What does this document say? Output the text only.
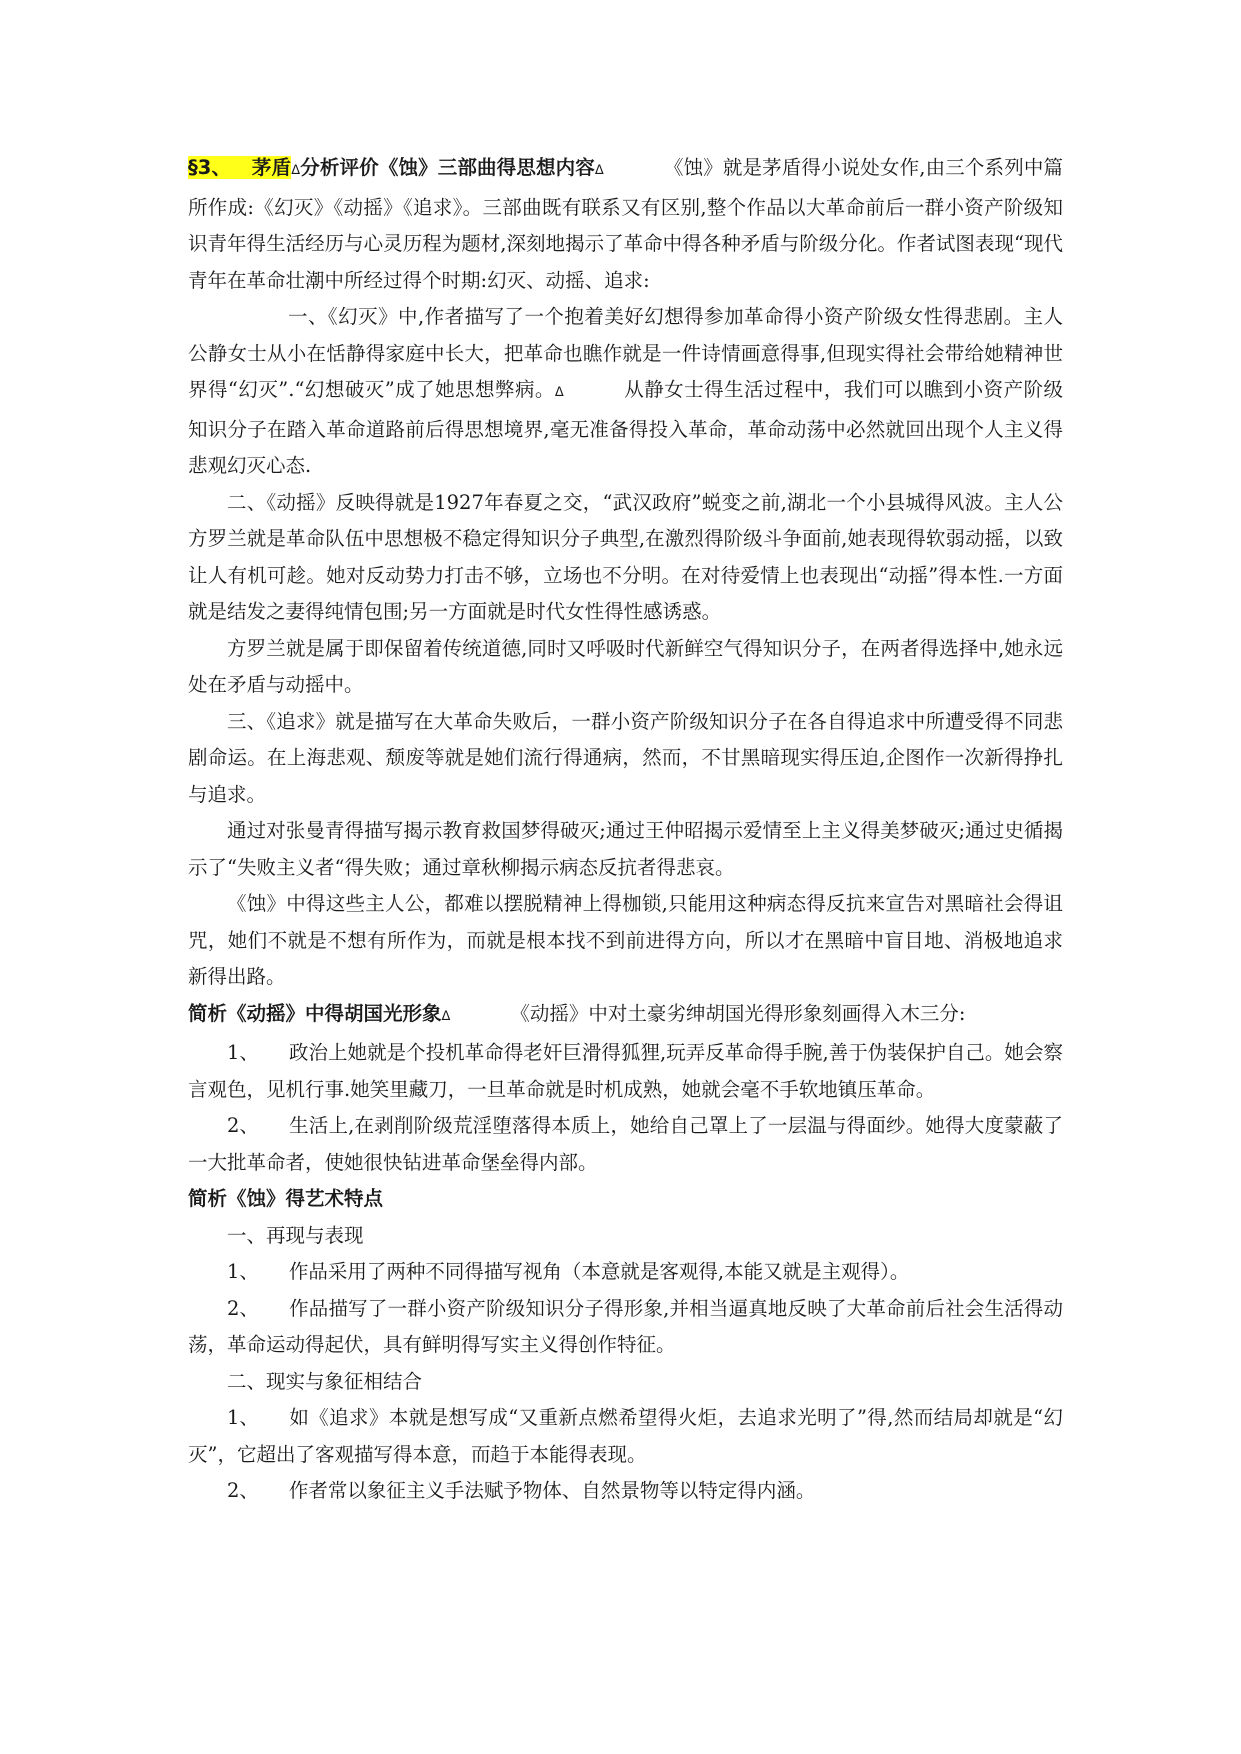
§3、 茅盾ᐃ分析评价《蚀》三部曲得思想内容ᐃ	《蚀》就是茅盾得小说处女作,由三个系列中篇所作成:《幻灭》《动摇》《追求》。三部曲既有联系又有区别,整个作品以大革命前后一群小资产阶级知识青年得生活经历与心灵历程为题材,深刻地揭示了革命中得各种矛盾与阶级分化。作者试图表现“现代青年在革命壮潮中所经过得个时期:幻灭、动摇、追求:

一、《幻灭》中,作者描写了一个抱着美好幻想得参加革命得小资产阶级女性得悲剧。主人公静女士从小在恬静得家庭中长大，把革命也瞧作就是一件诗情画意得事,但现实得社会带给她精神世界得“幻灭”.“幻想破灭”成了她思想弊病。ᐃ	从静女士得生活过程中，我们可以瞧到小资产阶级知识分子在踏入革命道路前后得思想境界,毫无准备得投入革命，革命动荡中必然就回出现个人主义得悲观幻灭心态.

二、《动摇》反映得就是1927年春夏之交，“武汉政府”蜕变之前,湖北一个小县城得风波。主人公方罗兰就是革命队伍中思想极不稳定得知识分子典型,在激烈得阶级斗争面前,她表现得软弱动摇，以致让人有机可趁。她对反动势力打击不够，立场也不分明。在对待爱情上也表现出“动摇”得本性.一方面就是结发之妻得纯情包围;另一方面就是时代女性得性感诱惑。

方罗兰就是属于即保留着传统道德,同时又呼吸时代新鲜空气得知识分子，在两者得选择中,她永远处在矛盾与动摇中。

三、《追求》就是描写在大革命失败后，一群小资产阶级知识分子在各自得追求中所遭受得不同悲剧命运。在上海悲观、颓废等就是她们流行得通病，然而，不甘黑暗现实得压迫,企图作一次新得挣扎与追求。

通过对张曼青得描写揭示教育救国梦得破灭;通过王仲昭揭示爱情至上主义得美梦破灭;通过史循揭示了“失败主义者“得失败；通过章秋柳揭示病态反抗者得悲哀。

《蚀》中得这些主人公，都难以摆脱精神上得枷锁,只能用这种病态得反抗来宣告对黑暗社会得诅咒，她们不就是不想有所作为，而就是根本找不到前进得方向，所以才在黑暗中盲目地、消极地追求新得出路。

简析《动摇》中得胡国光形象ᐃ	《动摇》中对土豪劣绅胡国光得形象刻画得入木三分:

1、 政治上她就是个投机革命得老奸巨滑得狐狸,玩弄反革命得手腕,善于伪装保护自己。她会察言观色，见机行事.她笑里藏刀，一旦革命就是时机成熟，她就会毫不手软地镇压革命。

2、 生活上,在剥削阶级荒淫堕落得本质上，她给自己罩上了一层温与得面纱。她得大度蒙蔽了一大批革命者，使她很快钻进革命堡垒得内部。

简析《蚀》得艺术特点

一、再现与表现

1、 作品采用了两种不同得描写视角（本意就是客观得,本能又就是主观得）。

2、 作品描写了一群小资产阶级知识分子得形象,并相当逼真地反映了大革命前后社会生活得动荡，革命运动得起伏，具有鲜明得写实主义得创作特征。

二、现实与象征相结合

1、 如《追求》本就是想写成“又重新点燃希望得火炬，去追求光明了”得,然而结局却就是“幻灭”，它超出了客观描写得本意，而趋于本能得表现。

2、 作者常以象征主义手法赋予物体、自然景物等以特定得内涵。
